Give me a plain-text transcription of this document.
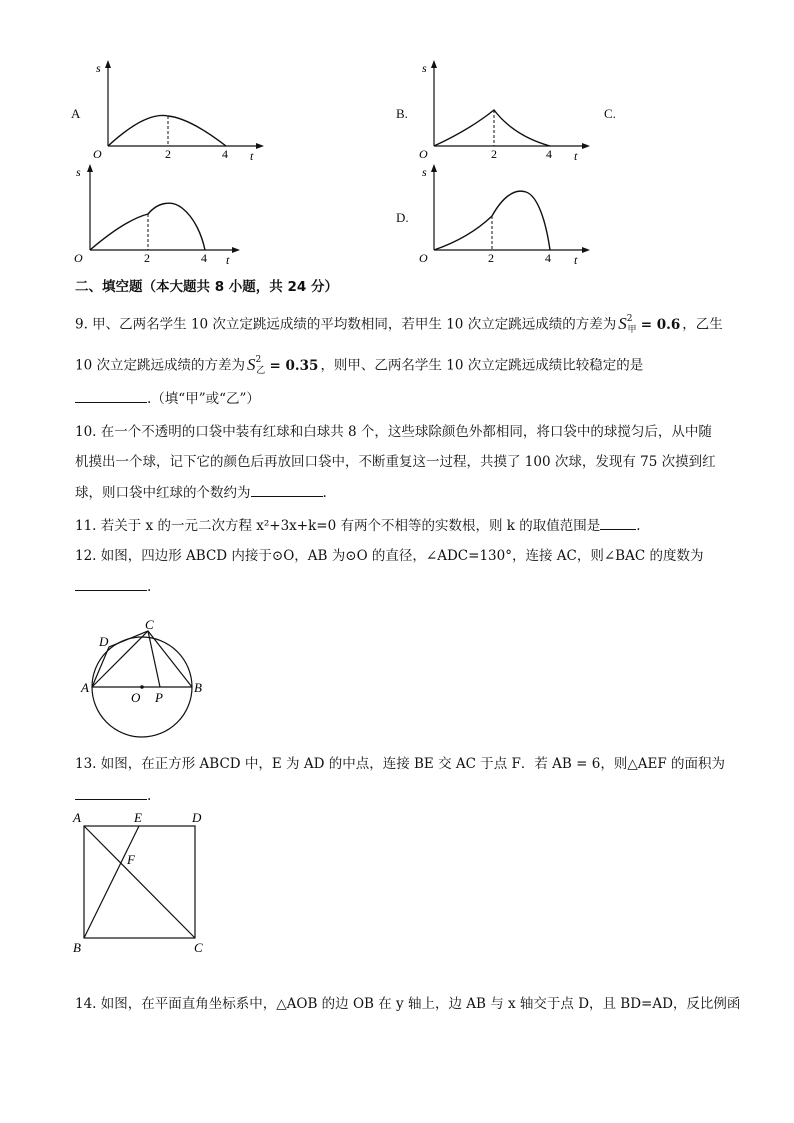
A
s
O	2	4 t
B.	C.
s
O	2	4 t
s
O	2	4 t
D.
s
O	2	4 t
二、填空题（本大题共 8 小题，共 24 分）
9. 甲、乙两名学生 10 次立定跳远成绩的平均数相同，若甲生 10 次立定跳远成绩的方差为 $S^2_甲 = 0.6$ ，乙生
10 次立定跳远成绩的方差为 $S^2_乙 = 0.35$ ，则甲、乙两名学生 10 次立定跳远成绩比较稳定的是
.（填“甲”或“乙”）
10. 在一个不透明的口袋中装有红球和白球共 8 个，这些球除颜色外都相同，将口袋中的球搅匀后，从中随
机摸出一个球，记下它的颜色后再放回口袋中，不断重复这一过程，共摸了 100 次球，发现有 75 次摸到红
球，则口袋中红球的个数约为	.
11. 若关于 x 的一元二次方程 x²+3x+k=0 有两个不相等的实数根，则 k 的取值范围是	.
12. 如图，四边形 ABCD 内接于⊙O，AB 为⊙O 的直径，∠ADC=130°，连接 AC，则∠BAC 的度数为
.
A	B
C
D
O P
13. 如图，在正方形 ABCD 中，E 为 AD 的中点，连接 BE 交 AC 于点 F．若 AB = 6，则△AEF 的面积为
.
A	E	D
F
B	C
14. 如图，在平面直角坐标系中，△AOB 的边 OB 在 y 轴上，边 AB 与 x 轴交于点 D，且 BD=AD，反比例函
